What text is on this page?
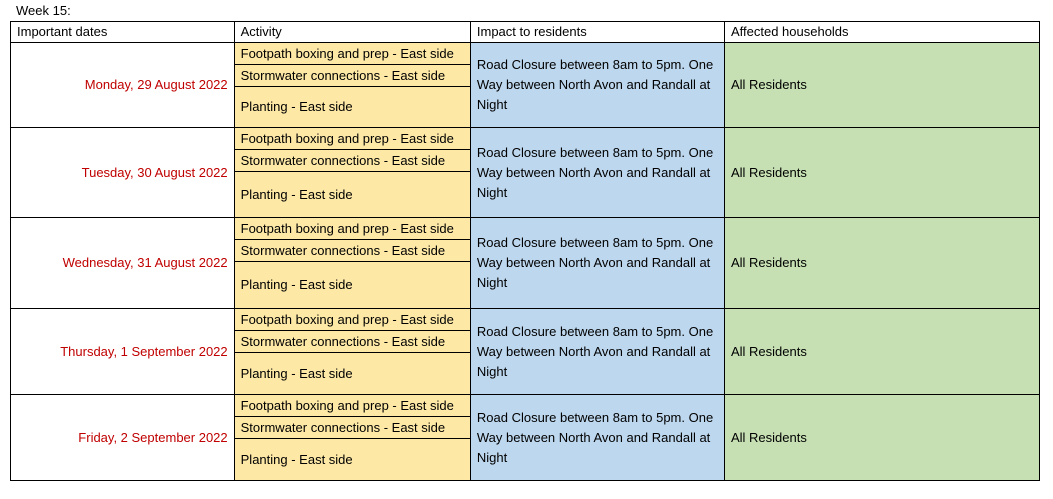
Week 15:
Important dates	Activity	Impact to residents	Affected households
Monday, 29 August 2022	Footpath boxing and prep - East side	Road Closure between 8am to 5pm. One Way between North Avon and Randall at Night	All Residents
	Stormwater connections - East side		
	Planting - East side		
Tuesday, 30 August 2022	Footpath boxing and prep - East side	Road Closure between 8am to 5pm. One Way between North Avon and Randall at Night	All Residents
	Stormwater connections - East side		
	Planting - East side		
Wednesday, 31 August 2022	Footpath boxing and prep - East side	Road Closure between 8am to 5pm. One Way between North Avon and Randall at Night	All Residents
	Stormwater connections - East side		
	Planting - East side		
Thursday, 1 September 2022	Footpath boxing and prep - East side	Road Closure between 8am to 5pm. One Way between North Avon and Randall at Night	All Residents
	Stormwater connections - East side		
	Planting - East side		
Friday, 2 September 2022	Footpath boxing and prep - East side	Road Closure between 8am to 5pm. One Way between North Avon and Randall at Night	All Residents
	Stormwater connections - East side		
	Planting - East side		
